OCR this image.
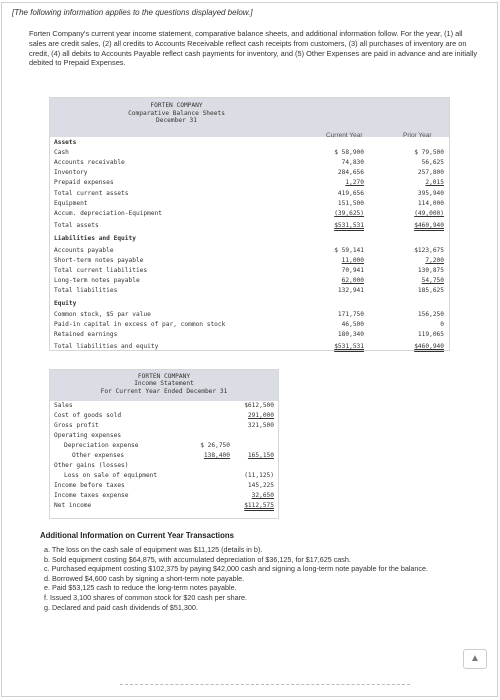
[The following information applies to the questions displayed below.]
Forten Company's current year income statement, comparative balance sheets, and additional information follow. For the year, (1) all sales are credit sales, (2) all credits to Accounts Receivable reflect cash receipts from customers, (3) all purchases of inventory are on credit, (4) all debits to Accounts Payable reflect cash payments for inventory, and (5) Other Expenses are paid in advance and are initially debited to Prepaid Expenses.
FORTEN COMPANY
Comparative Balance Sheets
December 31
Current Year	Prior Year
Assets
Cash	$ 58,900	$ 79,500
Accounts receivable	74,830	56,625
Inventory	284,656	257,800
Prepaid expenses	1,270	2,015
Total current assets	419,656	395,940
Equipment	151,500	114,000
Accum. depreciation-Equipment	(39,625)	(49,000)
Total assets	$531,531	$460,940
Liabilities and Equity
Accounts payable	$ 59,141	$123,675
Short-term notes payable	11,000	7,200
Total current liabilities	70,941	130,875
Long-term notes payable	62,000	54,750
Total liabilities	132,941	185,625
Equity
Common stock, $5 par value	171,750	156,250
Paid-in capital in excess of par, common stock	46,500	0
Retained earnings	180,340	119,065
Total liabilities and equity	$531,531	$460,940
FORTEN COMPANY
Income Statement
For Current Year Ended December 31
Sales	$612,500
Cost of goods sold	291,000
Gross profit	321,500
Operating expenses
Depreciation expense	$ 26,750
Other expenses	138,400	165,150
Other gains (losses)
Loss on sale of equipment	(11,125)
Income before taxes	145,225
Income taxes expense	32,650
Net income	$112,575
Additional Information on Current Year Transactions
a. The loss on the cash sale of equipment was $11,125 (details in b).
b. Sold equipment costing $64,875, with accumulated depreciation of $36,125, for $17,625 cash.
c. Purchased equipment costing $102,375 by paying $42,000 cash and signing a long-term note payable for the balance.
d. Borrowed $4,600 cash by signing a short-term note payable.
e. Paid $53,125 cash to reduce the long-term notes payable.
f. Issued 3,100 shares of common stock for $20 cash per share.
g. Declared and paid cash dividends of $51,300.
▲
